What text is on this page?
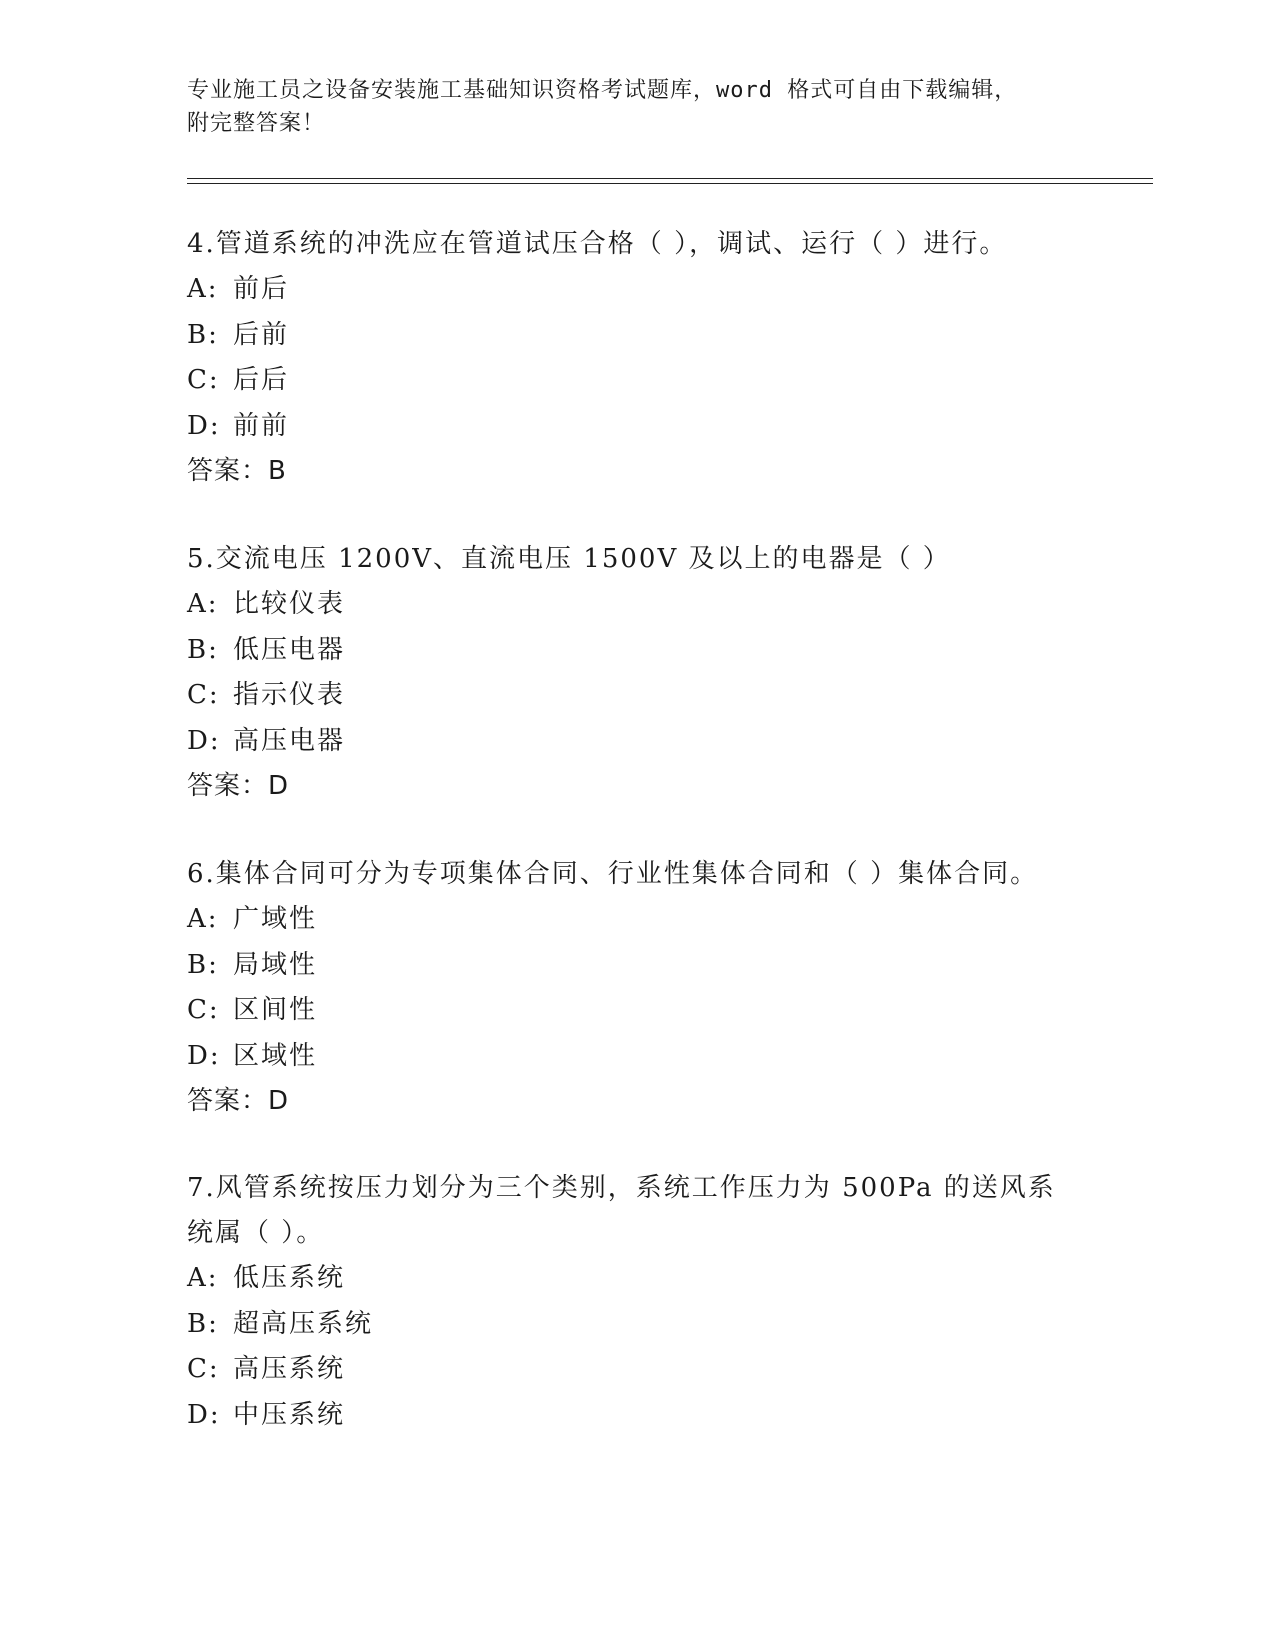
专业施工员之设备安装施工基础知识资格考试题库，word 格式可自由下载编辑，
附完整答案！
4.管道系统的冲洗应在管道试压合格（ ），调试、运行（ ）进行。
A: 前后
B: 后前
C: 后后
D: 前前
答案：B
5.交流电压 1200V、直流电压 1500V 及以上的电器是（ ）
A: 比较仪表
B: 低压电器
C: 指示仪表
D: 高压电器
答案：D
6.集体合同可分为专项集体合同、行业性集体合同和（ ）集体合同。
A: 广域性
B: 局域性
C: 区间性
D: 区域性
答案：D
7.风管系统按压力划分为三个类别，系统工作压力为 500Pa 的送风系统属（ ）。
A: 低压系统
B: 超高压系统
C: 高压系统
D: 中压系统
